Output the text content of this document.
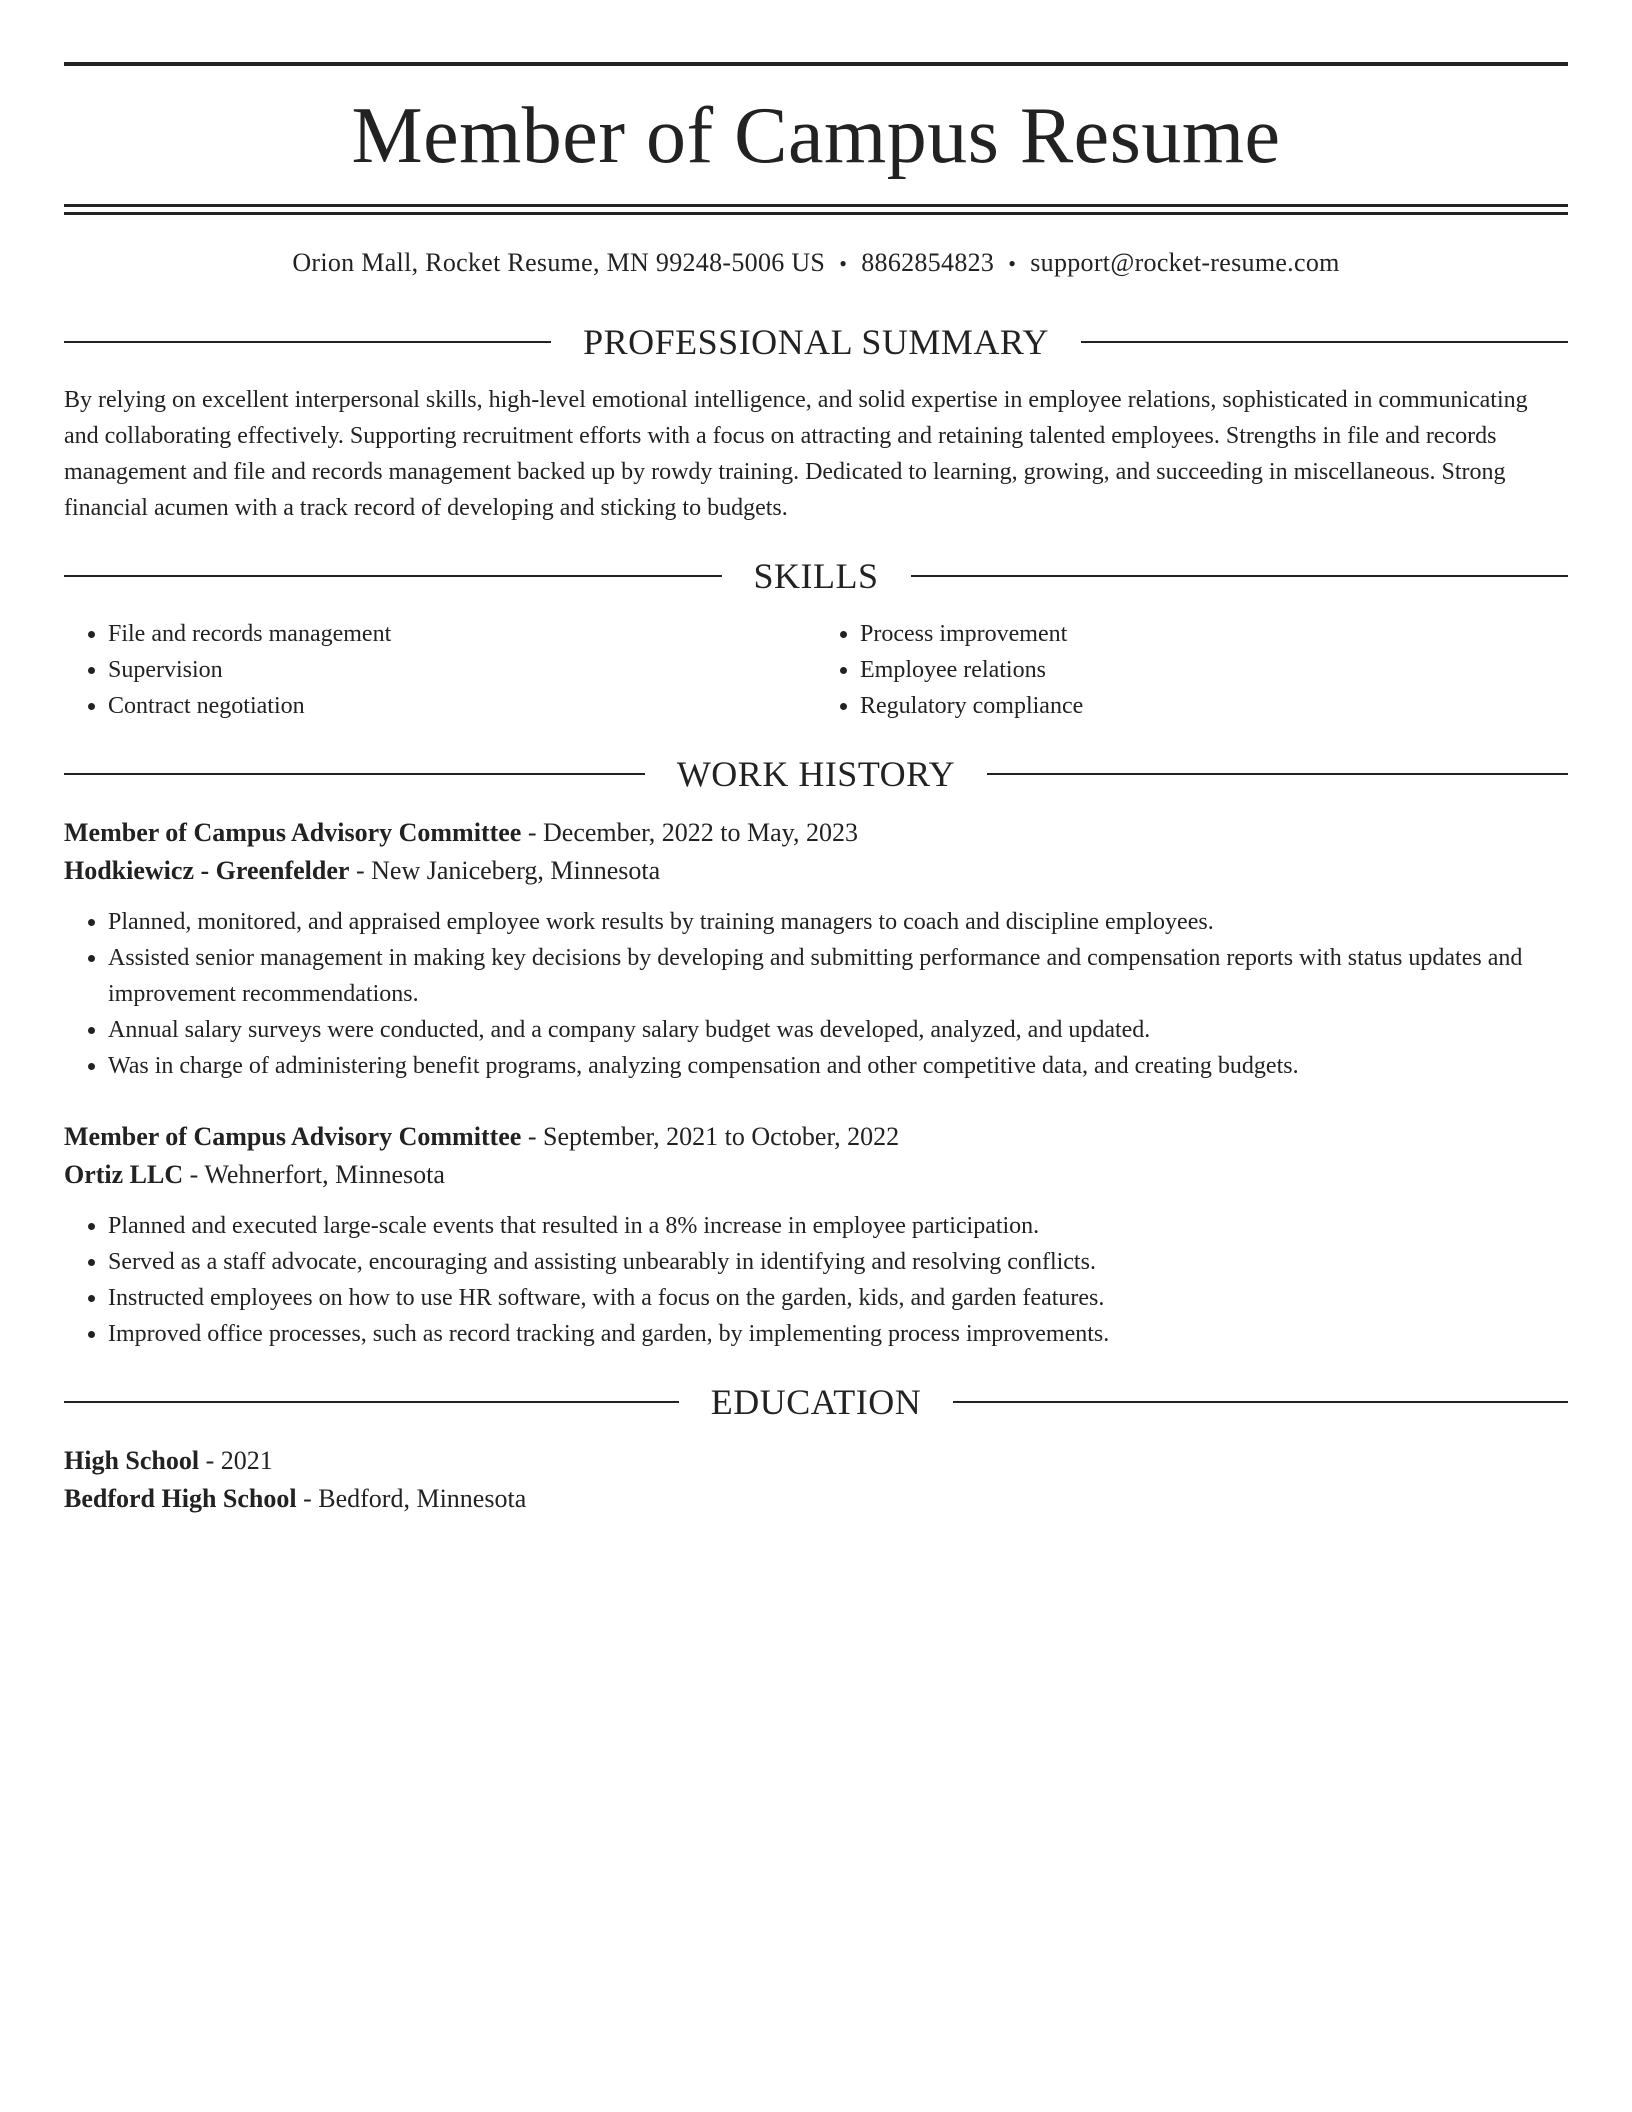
Member of Campus Resume
Orion Mall, Rocket Resume, MN 99248-5006 US • 8862854823 • support@rocket-resume.com
PROFESSIONAL SUMMARY

By relying on excellent interpersonal skills, high-level emotional intelligence, and solid expertise in employee relations, sophisticated in communicating and collaborating effectively. Supporting recruitment efforts with a focus on attracting and retaining talented employees. Strengths in file and records management and file and records management backed up by rowdy training. Dedicated to learning, growing, and succeeding in miscellaneous. Strong financial acumen with a track record of developing and sticking to budgets.

SKILLS
• File and records management
• Supervision
• Contract negotiation
• Process improvement
• Employee relations
• Regulatory compliance
WORK HISTORY
Member of Campus Advisory Committee - December, 2022 to May, 2023
Hodkiewicz - Greenfelder - New Janiceberg, Minnesota
• Planned, monitored, and appraised employee work results by training managers to coach and discipline employees.
• Assisted senior management in making key decisions by developing and submitting performance and compensation reports with status updates and improvement recommendations.
• Annual salary surveys were conducted, and a company salary budget was developed, analyzed, and updated.
• Was in charge of administering benefit programs, analyzing compensation and other competitive data, and creating budgets.
Member of Campus Advisory Committee - September, 2021 to October, 2022
Ortiz LLC - Wehnerfort, Minnesota
• Planned and executed large-scale events that resulted in a 8% increase in employee participation.
• Served as a staff advocate, encouraging and assisting unbearably in identifying and resolving conflicts.
• Instructed employees on how to use HR software, with a focus on the garden, kids, and garden features.
• Improved office processes, such as record tracking and garden, by implementing process improvements.
EDUCATION
High School - 2021
Bedford High School - Bedford, Minnesota
